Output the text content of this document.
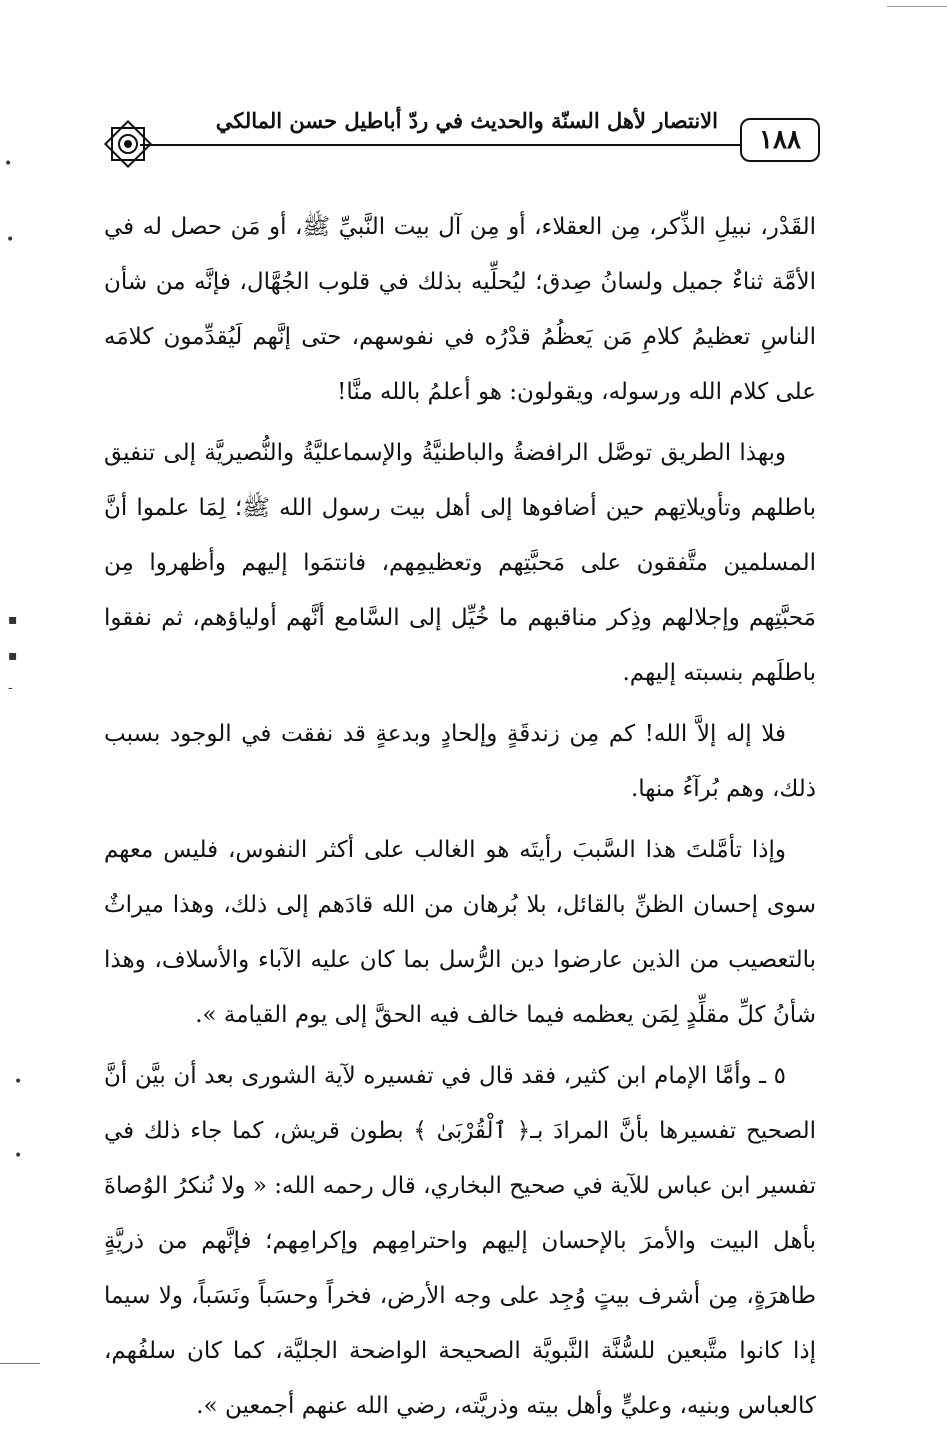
•
•
▪
▪
-
•
•
الانتصار لأهل السنّة والحديث في ردّ أباطيل حسن المالكي
١٨٨

القَدْر، نبيلِ الذِّكر، مِن العقلاء، أو مِن آل بيت النَّبيِّ ﷺ، أو مَن حصل له في الأمَّة ثناءٌ جميل ولسانُ صِدق؛ ليُحلِّيه بذلك في قلوب الجُهَّال، فإنَّه من شأن الناسِ تعظيمُ كلامِ مَن يَعظُمُ قدْرُه في نفوسهم، حتى إنَّهم لَيُقدِّمون كلامَه على كلام الله ورسوله، ويقولون: هو أعلمُ بالله منَّا!

وبهذا الطريق توصَّل الرافضةُ والباطنيَّةُ والإسماعليَّةُ والنُّصيريَّة إلى تنفيق باطلهم وتأويلاتِهم حين أضافوها إلى أهل بيت رسول الله ﷺ؛ لِمَا علموا أنَّ المسلمين متَّفقون على مَحبَّتِهم وتعظيمِهم، فانتمَوا إليهم وأظهروا مِن مَحبَّتِهم وإجلالهم وذِكر مناقبهم ما خُيِّل إلى السَّامع أنَّهم أولياؤهم، ثم نفقوا باطلَهم بنسبته إليهم.

فلا إله إلاَّ الله! كم مِن زندقَةٍ وإلحادٍ وبدعةٍ قد نفقت في الوجود بسبب ذلك، وهم بُرآءُ منها.

وإذا تأمَّلتَ هذا السَّببَ رأيتَه هو الغالب على أكثر النفوس، فليس معهم سوى إحسان الظنِّ بالقائل، بلا بُرهان من الله قادَهم إلى ذلك، وهذا ميراثٌ بالتعصيب من الذين عارضوا دين الرُّسل بما كان عليه الآباء والأسلاف، وهذا شأنُ كلِّ مقلِّدٍ لِمَن يعظمه فيما خالف فيه الحقَّ إلى يوم القيامة ».

٥ ـ وأمَّا الإمام ابن كثير، فقد قال في تفسيره لآية الشورى بعد أن بيَّن أنَّ الصحيح تفسيرها بأنَّ المرادَ بـ﴿ ٱلْقُرْبَىٰ ﴾ بطون قريش، كما جاء ذلك في تفسير ابن عباس للآية في صحيح البخاري، قال رحمه الله: « ولا نُنكرُ الوُصاةَ بأهل البيت والأمرَ بالإحسان إليهم واحترامِهم وإكرامِهم؛ فإنَّهم من ذريَّةٍ طاهرَةٍ، مِن أشرف بيتٍ وُجِد على وجه الأرض، فخراً وحسَباً ونَسَباً، ولا سيما إذا كانوا متَّبعين للسُّنَّة النَّبويَّة الصحيحة الواضحة الجليَّة، كما كان سلفُهم، كالعباس وبنيه، وعليٍّ وأهل بيته وذريَّته، رضي الله عنهم أجمعين ».
